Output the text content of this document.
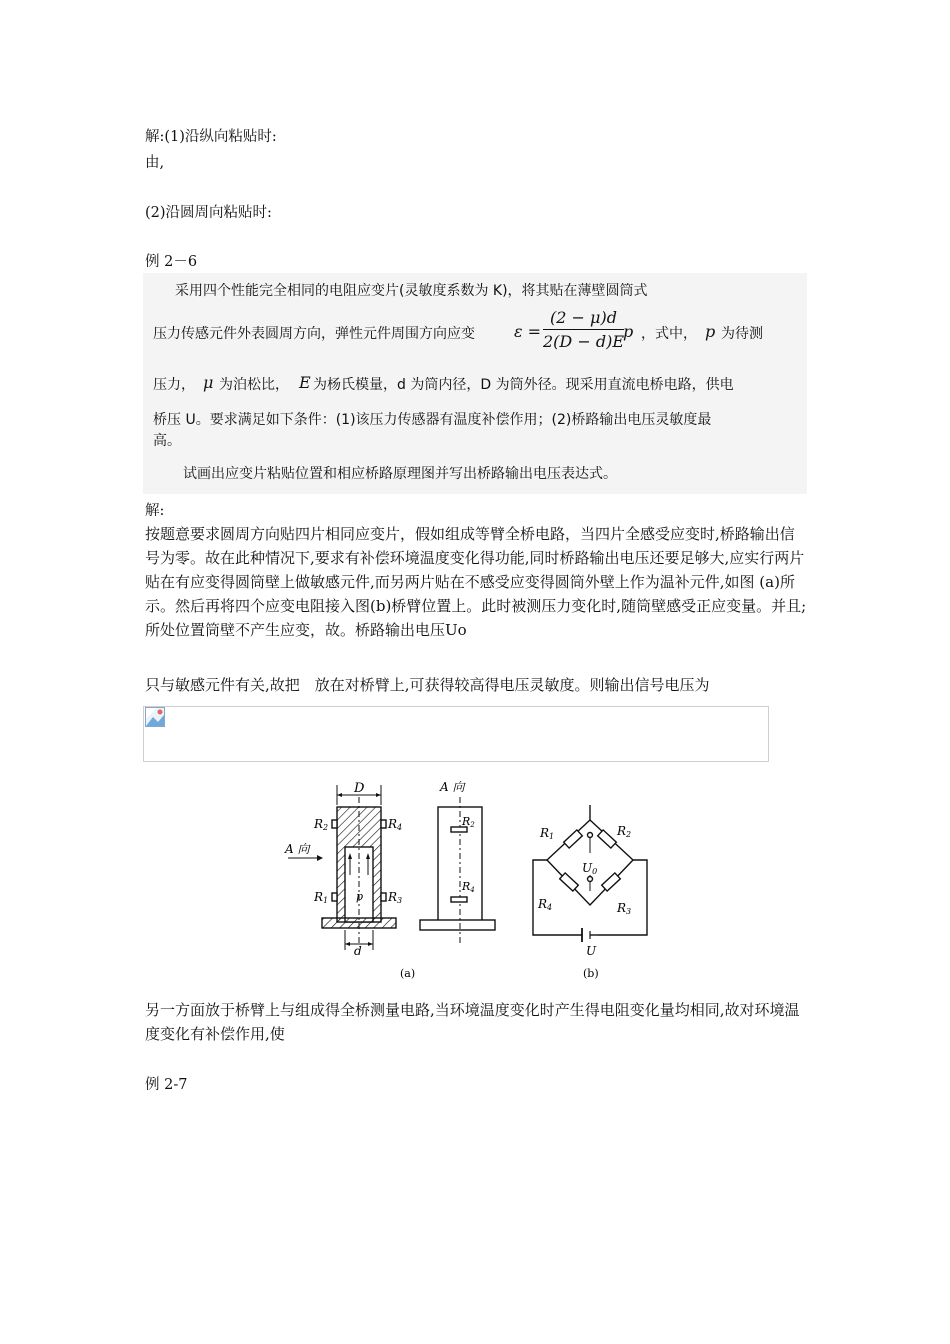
解:(1)沿纵向粘贴时:
由,
(2)沿圆周向粘贴时:
例 2－6
采用四个性能完全相同的电阻应变片(灵敏度系数为 K)，将其贴在薄壁圆筒式
压力传感元件外表圆周方向，弹性元件周围方向应变 $\varepsilon = \frac{(2 - \mu)d}{2(D - d)E}$ p ，式中， p 为待测
压力， μ 为泊松比， E 为杨氏模量，d 为筒内径，D 为筒外径。现采用直流电桥电路，供电
桥压 U。要求满足如下条件：(1)该压力传感器有温度补偿作用；(2)桥路输出电压灵敏度最
高。
试画出应变片粘贴位置和相应桥路原理图并写出桥路输出电压表达式。
解:

按题意要求圆周方向贴四片相同应变片，假如组成等臂全桥电路，当四片全感受应变时,桥路输出信号为零。故在此种情况下,要求有补偿环境温度变化得功能,同时桥路输出电压还要足够大,应实行两片贴在有应变得圆筒壁上做敏感元件,而另两片贴在不感受应变得圆筒外壁上作为温补元件,如图 (a)所示。然后再将四个应变电阻接入图(b)桥臂位置上。此时被测压力变化时,随筒壁感受正应变量。并且;所处位置筒壁不产生应变，故。桥路输出电压Uo

只与敏感元件有关,故把　放在对桥臂上,可获得较高得电压灵敏度。则输出信号电压为
D
d
p
A 向
R2	R4
R1	R3
A 向
R2
R4
R1	R2
R4	R3
U0
U
(a)	(b)

另一方面放于桥臂上与组成得全桥测量电路,当环境温度变化时产生得电阻变化量均相同,故对环境温度变化有补偿作用,使

例 2-7
